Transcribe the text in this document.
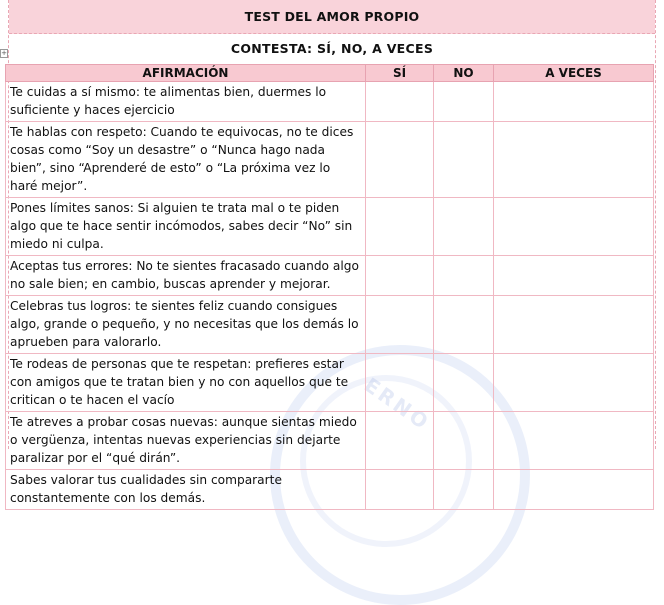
TEST DEL AMOR PROPIO
CONTESTA: SÍ, NO, A VECES
+
ERNO
AFIRMACIÓN	SÍ	NO	A VECES
Te cuidas a sí mismo: te alimentas bien, duermes lo suficiente y haces ejercicio			
Te hablas con respeto: Cuando te equivocas, no te dices cosas como “Soy un desastre” o “Nunca hago nada bien”, sino “Aprenderé de esto” o “La próxima vez lo haré mejor”.			
Pones límites sanos: Si alguien te trata mal o te piden algo que te hace sentir incómodos, sabes decir “No” sin miedo ni culpa.			
Aceptas tus errores: No te sientes fracasado cuando algo no sale bien; en cambio, buscas aprender y mejorar.			
Celebras tus logros: te sientes feliz cuando consigues algo, grande o pequeño, y no necesitas que los demás lo aprueben para valorarlo.			
Te rodeas de personas que te respetan: prefieres estar con amigos que te tratan bien y no con aquellos que te critican o te hacen el vacío			
Te atreves a probar cosas nuevas: aunque sientas miedo o vergüenza, intentas nuevas experiencias sin dejarte paralizar por el “qué dirán”.			
Sabes valorar tus cualidades sin compararte constantemente con los demás.			
